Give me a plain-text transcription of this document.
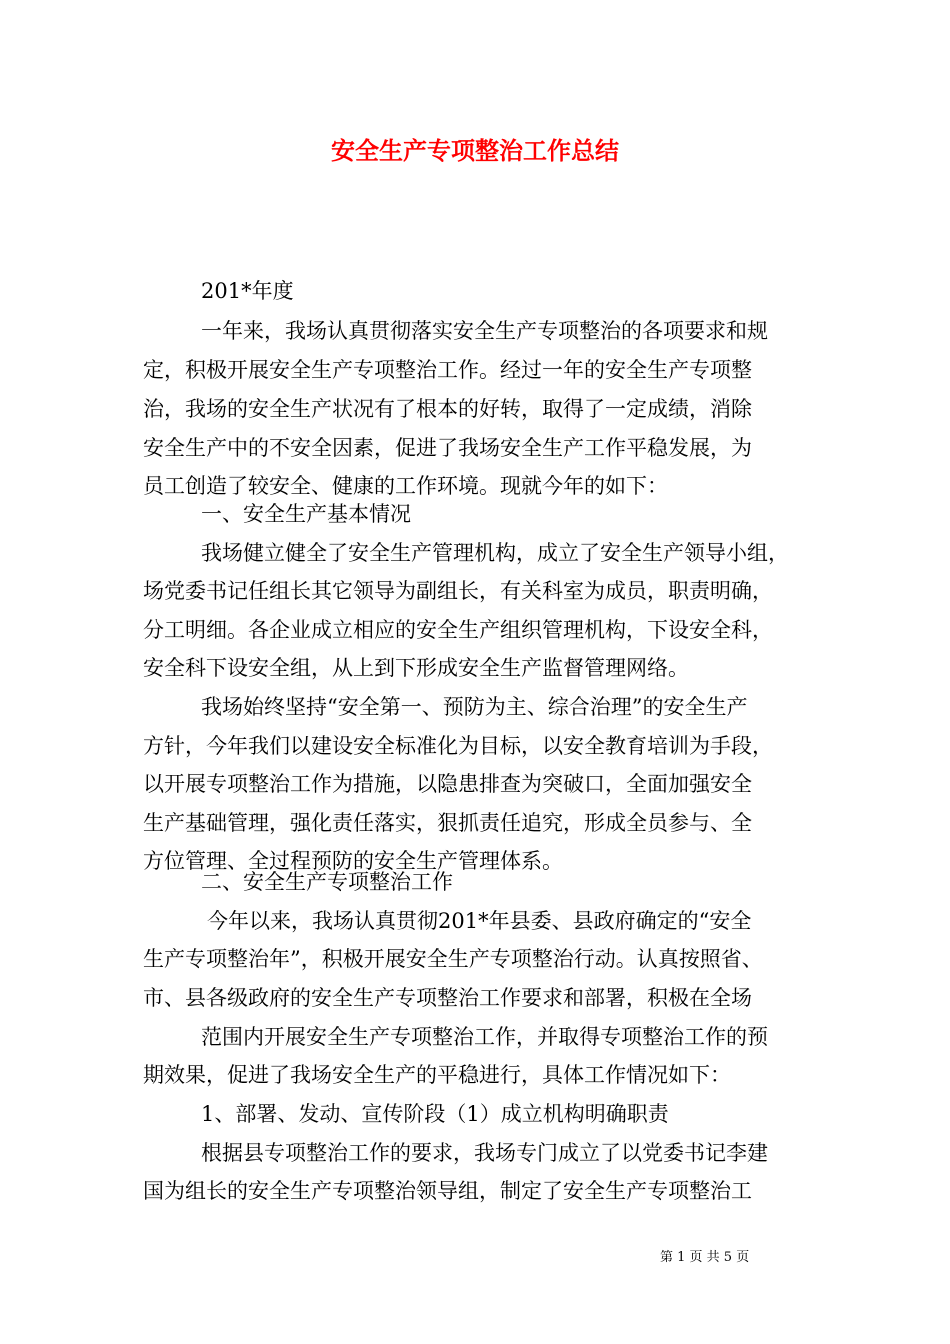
安全生产专项整治工作总结

201*年度

一年来，我场认真贯彻落实安全生产专项整治的各项要求和规

定，积极开展安全生产专项整治工作。经过一年的安全生产专项整

治，我场的安全生产状况有了根本的好转，取得了一定成绩，消除

安全生产中的不安全因素，促进了我场安全生产工作平稳发展，为

员工创造了较安全、健康的工作环境。现就今年的如下：

一、安全生产基本情况

我场健立健全了安全生产管理机构，成立了安全生产领导小组，

场党委书记任组长其它领导为副组长，有关科室为成员，职责明确，

分工明细。各企业成立相应的安全生产组织管理机构，下设安全科，

安全科下设安全组，从上到下形成安全生产监督管理网络。

我场始终坚持“安全第一、预防为主、综合治理”的安全生产

方针，今年我们以建设安全标准化为目标，以安全教育培训为手段，

以开展专项整治工作为措施，以隐患排查为突破口，全面加强安全

生产基础管理，强化责任落实，狠抓责任追究，形成全员参与、全

方位管理、全过程预防的安全生产管理体系。

二、安全生产专项整治工作

今年以来，我场认真贯彻201*年县委、县政府确定的“安全

生产专项整治年”，积极开展安全生产专项整治行动。认真按照省、

市、县各级政府的安全生产专项整治工作要求和部署，积极在全场

范围内开展安全生产专项整治工作，并取得专项整治工作的预

期效果，促进了我场安全生产的平稳进行，具体工作情况如下：

1、部署、发动、宣传阶段（1）成立机构明确职责

根据县专项整治工作的要求，我场专门成立了以党委书记李建

国为组长的安全生产专项整治领导组，制定了安全生产专项整治工

第 1 页 共 5 页
